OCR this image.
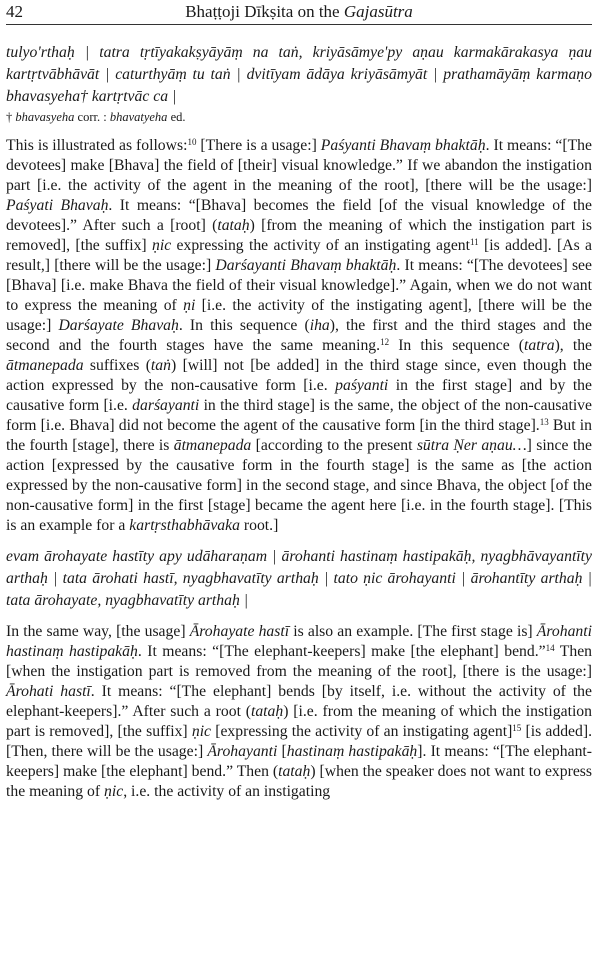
42	Bhaṭṭoji Dīkṣita on the Gajasūtra

tulyo'rthaḥ | tatra tṛtīyakakṣyāyāṃ na taṅ, kriyāsāmye'py aṇau karmakārakasya ṇau kartṛtvābhāvāt | caturthyāṃ tu taṅ | dvitīyam ādāya kriyāsāmyāt | prathamāyāṃ karmaṇo bhavasyeha† kartṛtvāc ca |

† bhavasyeha corr. : bhavatyeha ed.

This is illustrated as follows:$^{10}$ [There is a usage:] Paśyanti Bhavaṃ bhaktāḥ. It means: “[The devotees] make [Bhava] the field of [their] visual knowledge.” If we abandon the instigation part [i.e. the activity of the agent in the meaning of the root], [there will be the usage:] Paśyati Bhavaḥ. It means: “[Bhava] becomes the field [of the visual knowledge of the devotees].” After such a [root] (tataḥ) [from the meaning of which the instigation part is removed], [the suffix] ṇic expressing the activity of an instigating agent$^{11}$ [is added]. [As a result,] [there will be the usage:] Darśayanti Bhavaṃ bhaktāḥ. It means: “[The devotees] see [Bhava] [i.e. make Bhava the field of their visual knowledge].” Again, when we do not want to express the meaning of ṇi [i.e. the activity of the instigating agent], [there will be the usage:] Darśayate Bhavaḥ. In this sequence (iha), the first and the third stages and the second and the fourth stages have the same meaning.$^{12}$ In this sequence (tatra), the ātmanepada suffixes (taṅ) [will] not [be added] in the third stage since, even though the action expressed by the non-causative form [i.e. paśyanti in the first stage] and by the causative form [i.e. darśayanti in the third stage] is the same, the object of the non-causative form [i.e. Bhava] did not become the agent of the causative form [in the third stage].$^{13}$ But in the fourth [stage], there is ātmanepada [according to the present sūtra Ṇer aṇau…] since the action [expressed by the causative form in the fourth stage] is the same as [the action expressed by the non-causative form] in the second stage, and since Bhava, the object [of the non-causative form] in the first [stage] became the agent here [i.e. in the fourth stage]. [This is an example for a kartṛsthabhāvaka root.]

evam ārohayate hastīty apy udāharaṇam | ārohanti hastinaṃ hastipakāḥ, nyagbhāvayantīty arthaḥ | tata ārohati hastī, nyagbhavatīty arthaḥ | tato ṇic ārohayanti | ārohantīty arthaḥ | tata ārohayate, nyagbhavatīty arthaḥ |

In the same way, [the usage] Ārohayate hastī is also an example. [The first stage is] Ārohanti hastinaṃ hastipakāḥ. It means: “[The elephant-keepers] make [the elephant] bend.”$^{14}$ Then [when the instigation part is removed from the meaning of the root], [there is the usage:] Ārohati hastī. It means: “[The elephant] bends [by itself, i.e. without the activity of the elephant-keepers].” After such a root (tataḥ) [i.e. from the meaning of which the instigation part is removed], [the suffix] ṇic [expressing the activity of an instigating agent]$^{15}$ [is added]. [Then, there will be the usage:] Ārohayanti [hastinaṃ hastipakāḥ]. It means: “[The elephant-keepers] make [the elephant] bend.” Then (tataḥ) [when the speaker does not want to express the meaning of ṇic, i.e. the activity of an instigating
